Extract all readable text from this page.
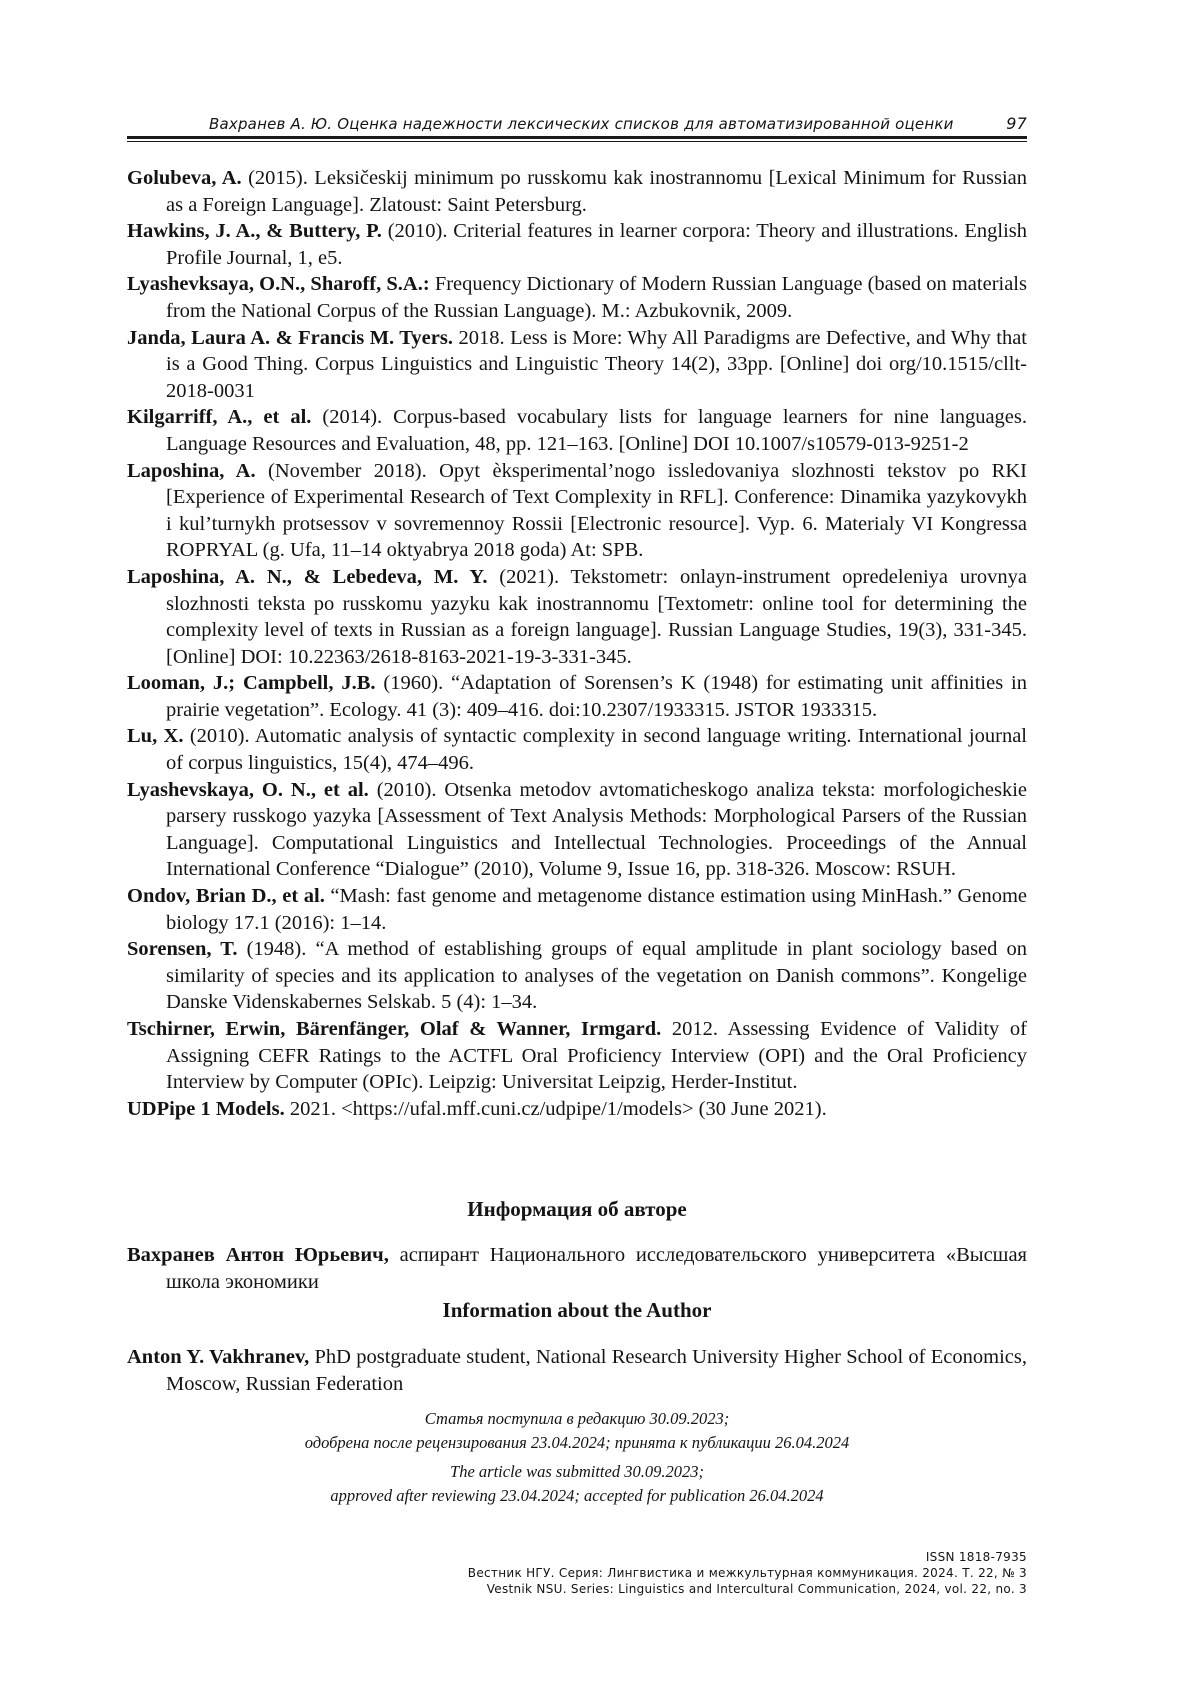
Вахранев А. Ю. Оценка надежности лексических списков для автоматизированной оценки	97

Golubeva, A. (2015). Leksičeskij minimum po russkomu kak inostrannomu [Lexical Minimum for Russian as a Foreign Language]. Zlatoust: Saint Petersburg.

Hawkins, J. A., & Buttery, P. (2010). Criterial features in learner corpora: Theory and illustrations. English Profile Journal, 1, e5.

Lyashevksaya, O.N., Sharoff, S.A.: Frequency Dictionary of Modern Russian Language (based on materials from the National Corpus of the Russian Language). M.: Azbukovnik, 2009.

Janda, Laura A. & Francis M. Tyers. 2018. Less is More: Why All Paradigms are Defective, and Why that is a Good Thing. Corpus Linguistics and Linguistic Theory 14(2), 33pp. [Online] doi org/10.1515/cllt-2018-0031

Kilgarriff, A., et al. (2014). Corpus-based vocabulary lists for language learners for nine languages. Language Resources and Evaluation, 48, pp. 121–163. [Online] DOI 10.1007/s10579-013-9251-2

Laposhina, A. (November 2018). Opyt èksperimental’nogo issledovaniya slozhnosti tekstov po RKI [Experience of Experimental Research of Text Complexity in RFL]. Conference: Dinamika yazykovykh i kul’turnykh protsessov v sovremennoy Rossii [Electronic resource]. Vyp. 6. Materialy VI Kongressa ROPRYAL (g. Ufa, 11–14 oktyabrya 2018 goda) At: SPB.

Laposhina, A. N., & Lebedeva, M. Y. (2021). Tekstometr: onlayn-instrument opredeleniya urovnya slozhnosti teksta po russkomu yazyku kak inostrannomu [Textometr: online tool for determining the complexity level of texts in Russian as a foreign language]. Russian Language Studies, 19(3), 331-345. [Online] DOI: 10.22363/2618-8163-2021-19-3-331-345.

Looman, J.; Campbell, J.B. (1960). “Adaptation of Sorensen’s K (1948) for estimating unit affinities in prairie vegetation”. Ecology. 41 (3): 409–416. doi:10.2307/1933315. JSTOR 1933315.

Lu, X. (2010). Automatic analysis of syntactic complexity in second language writing. International journal of corpus linguistics, 15(4), 474–496.

Lyashevskaya, O. N., et al. (2010). Otsenka metodov avtomaticheskogo analiza teksta: morfologicheskie parsery russkogo yazyka [Assessment of Text Analysis Methods: Morphological Parsers of the Russian Language]. Computational Linguistics and Intellectual Technologies. Proceedings of the Annual International Conference “Dialogue” (2010), Volume 9, Issue 16, pp. 318-326. Moscow: RSUH.

Ondov, Brian D., et al. “Mash: fast genome and metagenome distance estimation using MinHash.” Genome biology 17.1 (2016): 1–14.

Sorensen, T. (1948). “A method of establishing groups of equal amplitude in plant sociology based on similarity of species and its application to analyses of the vegetation on Danish commons”. Kongelige Danske Videnskabernes Selskab. 5 (4): 1–34.

Tschirner, Erwin, Bärenfänger, Olaf & Wanner, Irmgard. 2012. Assessing Evidence of Validity of Assigning CEFR Ratings to the ACTFL Oral Proficiency Interview (OPI) and the Oral Proficiency Interview by Computer (OPIc). Leipzig: Universitat Leipzig, Herder-Institut.

UDPipe 1 Models. 2021. <https://ufal.mff.cuni.cz/udpipe/1/models> (30 June 2021).

Информация об авторе
Вахранев Антон Юрьевич, аспирант Национального исследовательского университета «Высшая школа экономики
Information about the Author
Anton Y. Vakhranev, PhD postgraduate student, National Research University Higher School of Economics, Moscow, Russian Federation
Статья поступила в редакцию 30.09.2023;
одобрена после рецензирования 23.04.2024; принята к публикации 26.04.2024
The article was submitted 30.09.2023;
approved after reviewing 23.04.2024; accepted for publication 26.04.2024
ISSN 1818-7935
Вестник НГУ. Серия: Лингвистика и межкультурная коммуникация. 2024. Т. 22, № 3
Vestnik NSU. Series: Linguistics and Intercultural Communication, 2024, vol. 22, no. 3
